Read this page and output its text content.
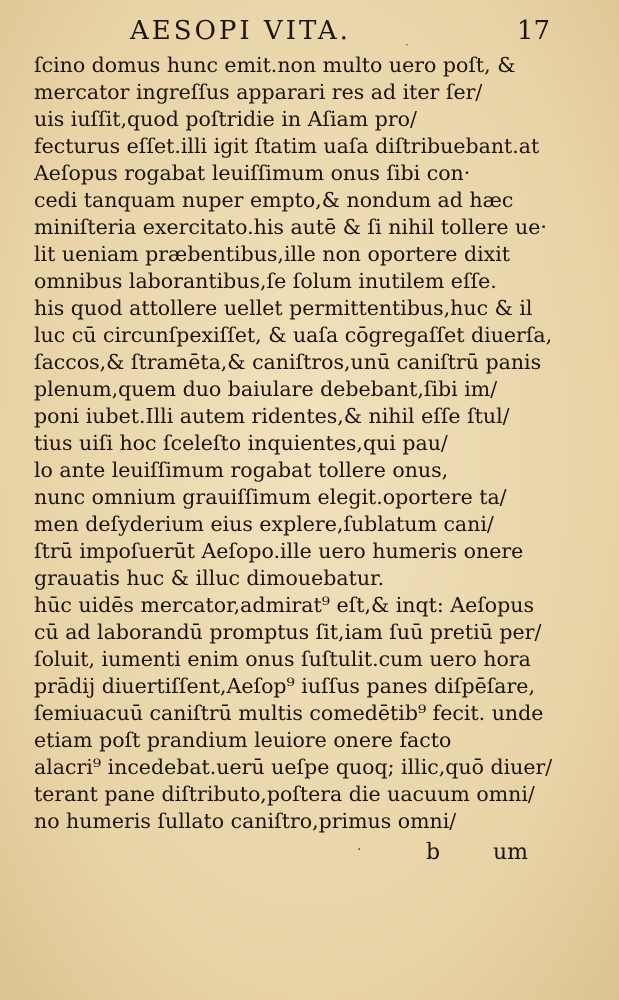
AESOPI VITA.	·	17
ſcino domus hunc emit.non multo uero poſt, &
mercator ingreſſus apparari res ad iter ſer/
uis iuſſit,quod poſtridie in Aſiam pro/
fecturus eſſet.illi igit ſtatim uaſa diſtribuebant.at
Aeſopus rogabat leuiſſimum onus ſibi con·
cedi tanquam nuper empto,& nondum ad hæc
miniſteria exercitato.his autē & ſi nihil tollere ue·
lit ueniam præbentibus,ille non oportere dixit
omnibus laborantibus,ſe ſolum inutilem eſſe.
his quod attollere uellet permittentibus,huc & il
luc cū circunſpexiſſet, & uaſa cōgregaſſet diuerſa,
ſaccos,& ſtramēta,& caniſtros,unū caniſtrū panis
plenum,quem duo baiulare debebant,ſibi im/
poni iubet.Illi autem ridentes,& nihil eſſe ſtul/
tius uiſi hoc ſceleſto inquientes,qui pau/
lo ante leuiſſimum rogabat tollere onus,
nunc omnium grauiſſimum elegit.oportere ta/
men deſyderium eius explere,ſublatum cani/
ſtrū impoſuerūt Aeſopo.ille uero humeris onere
grauatis huc & illuc dimouebatur.
hūc uidēs mercator,admirat⁹ eſt,& inqt: Aeſopus
cū ad laborandū promptus ſit,iam ſuū pretiū per/
ſoluit, iumenti enim onus ſuſtulit.cum uero hora
prādij diuertiſſent,Aeſop⁹ iuſſus panes diſpēſare,
ſemiuacuū caniſtrū multis comedētib⁹ fecit. unde
etiam poſt prandium leuiore onere facto
alacri⁹ incedebat.uerū ueſpe quoq; illic,quō diuer/
terant pane diſtributo,poſtera die uacuum omni/
no humeris ſullato caniſtro,primus omni/
·	b um
